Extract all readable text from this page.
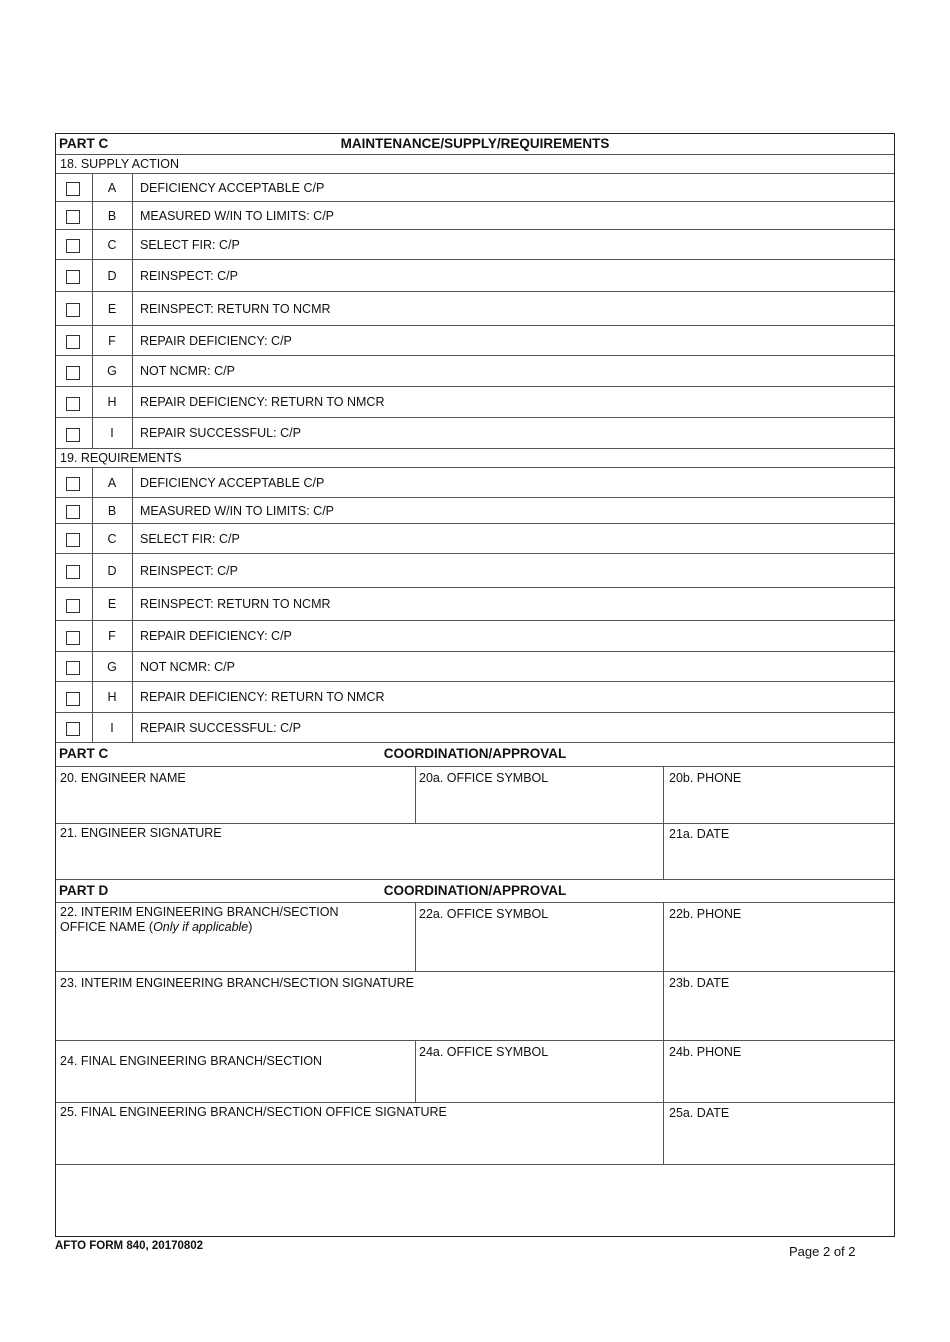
PART C	MAINTENANCE/SUPPLY/REQUIREMENTS
18. SUPPLY ACTION
A DEFICIENCY ACCEPTABLE C/P
B MEASURED W/IN TO LIMITS: C/P
C SELECT FIR: C/P
D REINSPECT: C/P
E REINSPECT: RETURN TO NCMR
F REPAIR DEFICIENCY: C/P
G NOT NCMR: C/P
H REPAIR DEFICIENCY: RETURN TO NMCR
I REPAIR SUCCESSFUL: C/P
19. REQUIREMENTS
A DEFICIENCY ACCEPTABLE C/P
B MEASURED W/IN TO LIMITS: C/P
C SELECT FIR: C/P
D REINSPECT: C/P
E REINSPECT: RETURN TO NCMR
F REPAIR DEFICIENCY: C/P
G NOT NCMR: C/P
H REPAIR DEFICIENCY: RETURN TO NMCR
I REPAIR SUCCESSFUL: C/P
PART C	COORDINATION/APPROVAL
20. ENGINEER NAME	20a. OFFICE SYMBOL	20b. PHONE
21. ENGINEER SIGNATURE	21a. DATE
PART D	COORDINATION/APPROVAL
22. INTERIM ENGINEERING BRANCH/SECTION
OFFICE NAME (Only if applicable)
22a. OFFICE SYMBOL	22b. PHONE
23. INTERIM ENGINEERING BRANCH/SECTION SIGNATURE	23b. DATE
24. FINAL ENGINEERING BRANCH/SECTION
24a. OFFICE SYMBOL	24b. PHONE
25. FINAL ENGINEERING BRANCH/SECTION OFFICE SIGNATURE	25a. DATE
AFTO FORM 840, 20170802	Page 2 of 2
